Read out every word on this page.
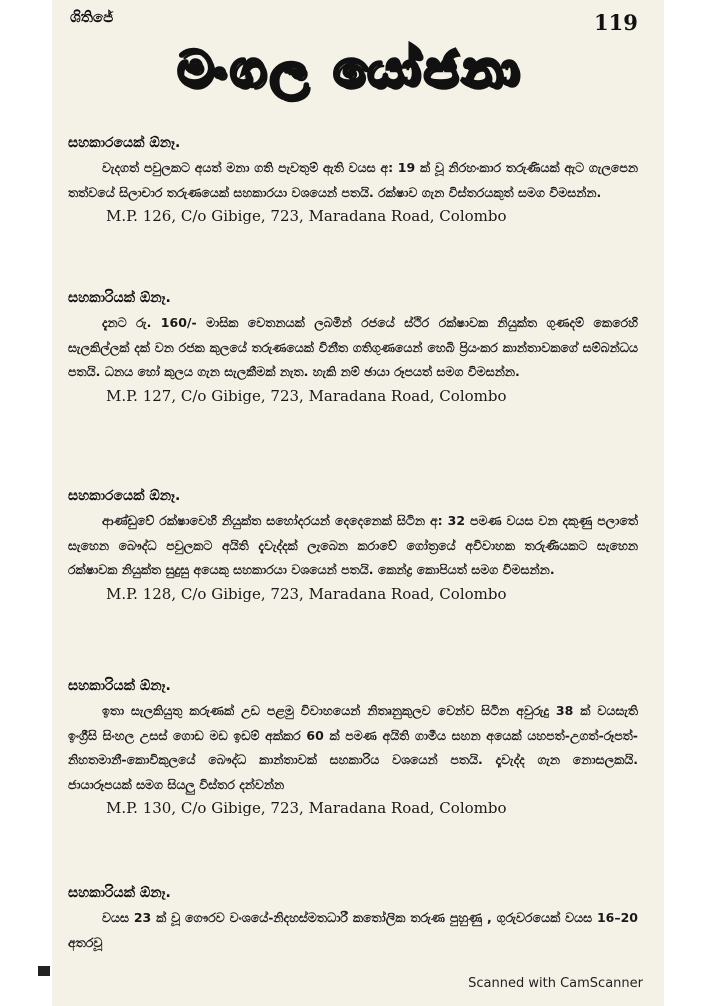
ශිතිජේ	119
මංගල යෝජනා
සහකාරයෙක් ඕනෑ.

වැදගත් පවුලකට අයත් මනා ගති පැවතුම් ඇති වයස අ: 19 ක් වූ නිරහංකාර තරුණියක් ඇට ගැලපෙන තත්වයේ සිලාචාර තරුණයෙක් සහකාරයා වශයෙන් පතයි. රක්ෂාව ගැන විස්තරයකුත් සමග විමසන්න.

M.P. 126, C/o Gibige, 723, Maradana Road, Colombo
සහකාරියක් ඕනෑ.

දැනට රු. 160/- මාසික වෙතනයක් ලබමින් රජයේ ස්ථිර රක්ෂාවක නියුක්ත ගුණදම් කෙරෙහි සැලකිල්ලක් දක් වන රජක කුලයේ තරුණයෙක් විනීත ගතිගුණයෙන් හෙබි ප්‍රියංකර කාන්තාවකගේ සම්බන්ධය පතයි. ධනය හෝ කුලය ගැන සැලකීමක් නැත. හැකි නම් ඡායා රූපයත් සමග විමසන්න.

M.P. 127, C/o Gibige, 723, Maradana Road, Colombo
සහකාරයෙක් ඕනෑ.

ආණ්ඩුවේ රක්ෂාවෙහි නියුක්ත සහෝදරයන් දෙදෙනෙක් සිටින අ: 32 පමණ වයස වන දකුණු පලාතේ සැහෙන බෞද්ධ පවුලකට අයිති දැවැද්දක් ලැබෙන කරාවේ ගෝත්‍රයේ අවිවාහක තරුණියකට සැහෙන රක්ෂාවක නියුක්ත සුදුසු අයෙකු සහකාරයා වශයෙන් පතයි. කෙන්ද්‍ර කොපියත් සමග විමසන්න.

M.P. 128, C/o Gibige, 723, Maradana Road, Colombo
සහකාරියක් ඕනෑ.

ඉතා සැලකියුතු කරුණක් උඩ පළමු විවාහයෙන් නිතෘනුකුලව වෙන්ව සිටින අවුරුදු 38 ක් වයසැති ඉංග්‍රීසි සිංහල උසස් ගොඩ මඩ ඉඩම් අක්කර 60 ක් පමණ අයිති ගාමීය සහන අයෙක් යහපත්-උගත්-රූපත්-නිහතමානී-කොවිකුලයේ බෞද්ධ කාන්තාවක් සහකාරිය වශයෙන් පතයි. දෑවැද්ද ගැන නොසලකයි. ජායාරූපයක් සමග සියලු විස්තර දන්වන්න

M.P. 130, C/o Gibige, 723, Maradana Road, Colombo
සහකාරියක් ඕනෑ.

වයස 23 ක් වූ ගෞරව වංශයේ-නිදහස්මතධාරී කතෝලික තරුණ පුහුණු , ගුරුවරයෙක් වයස 16–20 අතරවූ

Scanned with CamScanner
